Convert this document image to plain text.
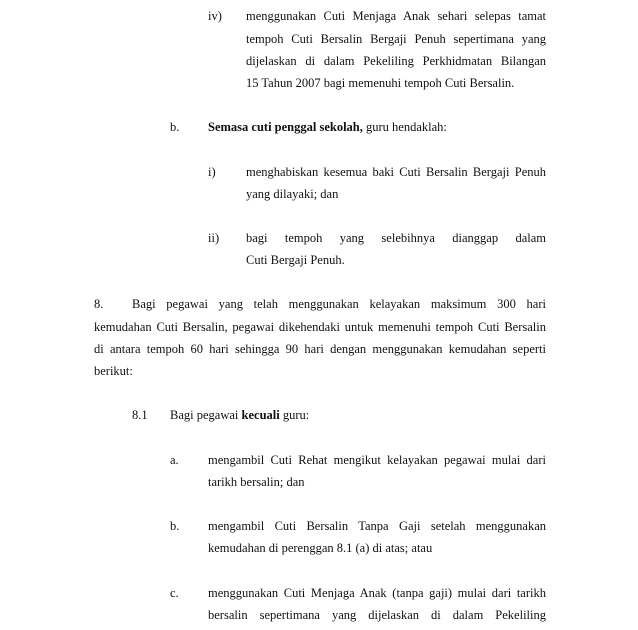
iv) menggunakan Cuti Menjaga Anak sehari selepas tamat
tempoh Cuti Bersalin Bergaji Penuh sepertimana yang
dijelaskan di dalam Pekeliling Perkhidmatan Bilangan
15 Tahun 2007 bagi memenuhi tempoh Cuti Bersalin.
b. Semasa cuti penggal sekolah, guru hendaklah:
i) menghabiskan kesemua baki Cuti Bersalin Bergaji Penuh
yang dilayaki; dan
ii) bagi tempoh yang selebihnya dianggap dalam
Cuti Bergaji Penuh.
8. Bagi pegawai yang telah menggunakan kelayakan maksimum 300 hari
kemudahan Cuti Bersalin, pegawai dikehendaki untuk memenuhi tempoh Cuti Bersalin
di antara tempoh 60 hari sehingga 90 hari dengan menggunakan kemudahan seperti
berikut:
8.1 Bagi pegawai kecuali guru:
a. mengambil Cuti Rehat mengikut kelayakan pegawai mulai dari
tarikh bersalin; dan
b. mengambil Cuti Bersalin Tanpa Gaji setelah menggunakan
kemudahan di perenggan 8.1 (a) di atas; atau
c. menggunakan Cuti Menjaga Anak (tanpa gaji) mulai dari tarikh
bersalin sepertimana yang dijelaskan di dalam Pekeliling
